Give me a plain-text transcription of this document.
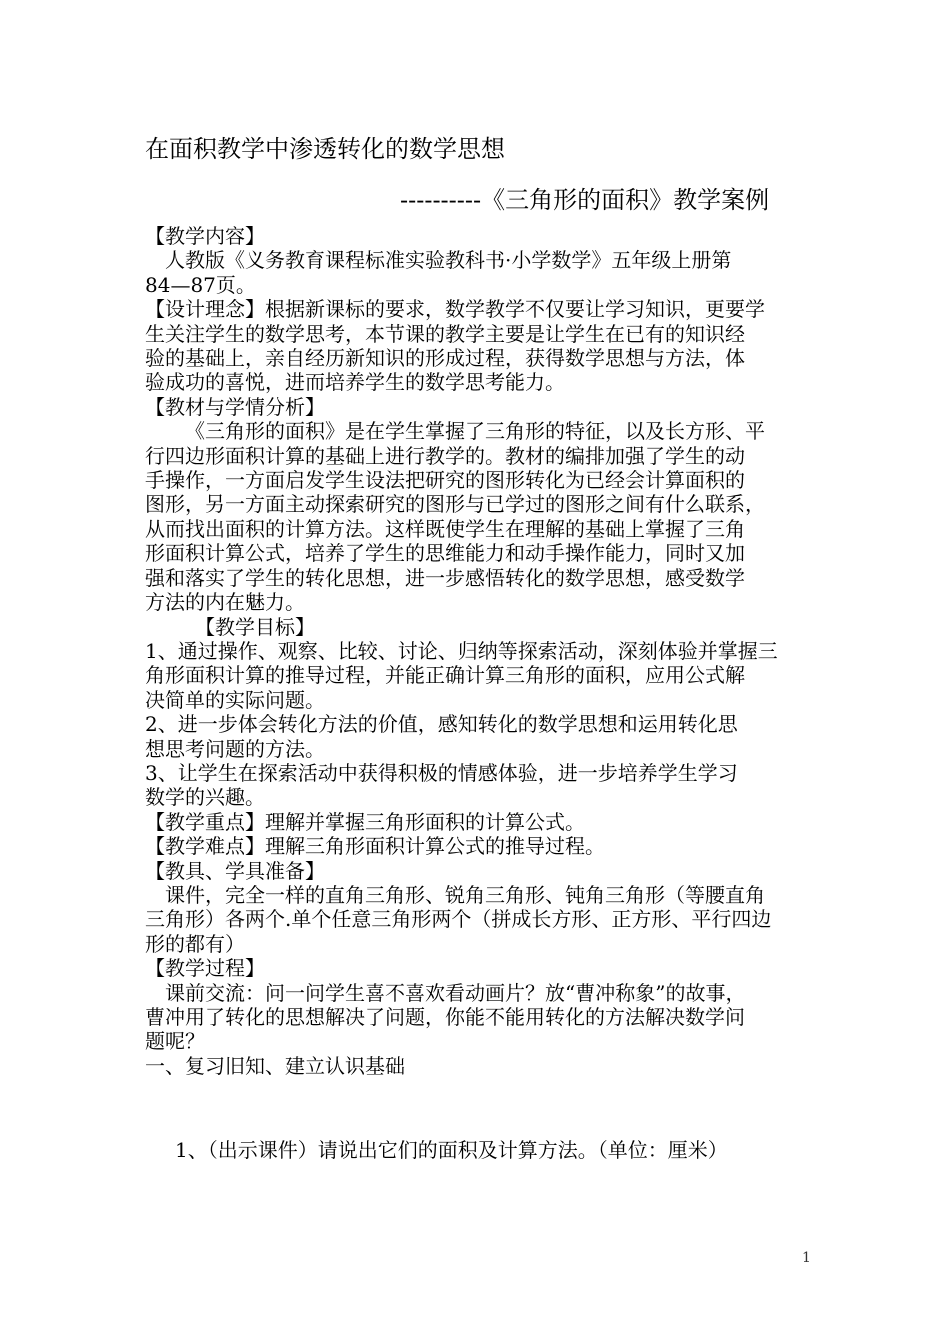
在面积教学中渗透转化的数学思想
----------《三角形的面积》教学案例

【教学内容】

人教版《义务教育课程标准实验教科书·小学数学》五年级上册第

84—87页。

【设计理念】根据新课标的要求，数学教学不仅要让学习知识，更要学

生关注学生的数学思考，本节课的教学主要是让学生在已有的知识经

验的基础上，亲自经历新知识的形成过程，获得数学思想与方法，体

验成功的喜悦，进而培养学生的数学思考能力。

【教材与学情分析】

《三角形的面积》是在学生掌握了三角形的特征，以及长方形、平

行四边形面积计算的基础上进行教学的。教材的编排加强了学生的动

手操作，一方面启发学生设法把研究的图形转化为已经会计算面积的

图形，另一方面主动探索研究的图形与已学过的图形之间有什么联系，

从而找出面积的计算方法。这样既使学生在理解的基础上掌握了三角

形面积计算公式，培养了学生的思维能力和动手操作能力，同时又加

强和落实了学生的转化思想，进一步感悟转化的数学思想，感受数学

方法的内在魅力。

【教学目标】

1、通过操作、观察、比较、讨论、归纳等探索活动，深刻体验并掌握三

角形面积计算的推导过程，并能正确计算三角形的面积，应用公式解

决简单的实际问题。

2、进一步体会转化方法的价值，感知转化的数学思想和运用转化思

想思考问题的方法。

3、让学生在探索活动中获得积极的情感体验，进一步培养学生学习

数学的兴趣。

【教学重点】理解并掌握三角形面积的计算公式。

【教学难点】理解三角形面积计算公式的推导过程。

【教具、学具准备】

课件，完全一样的直角三角形、锐角三角形、钝角三角形（等腰直角

三角形）各两个.单个任意三角形两个（拼成长方形、正方形、平行四边

形的都有）

【教学过程】

课前交流：问一问学生喜不喜欢看动画片？放“曹冲称象”的故事，

曹冲用了转化的思想解决了问题，你能不能用转化的方法解决数学问

题呢？

一、复习旧知、建立认识基础

1、（出示课件）请说出它们的面积及计算方法。（单位：厘米）
1
